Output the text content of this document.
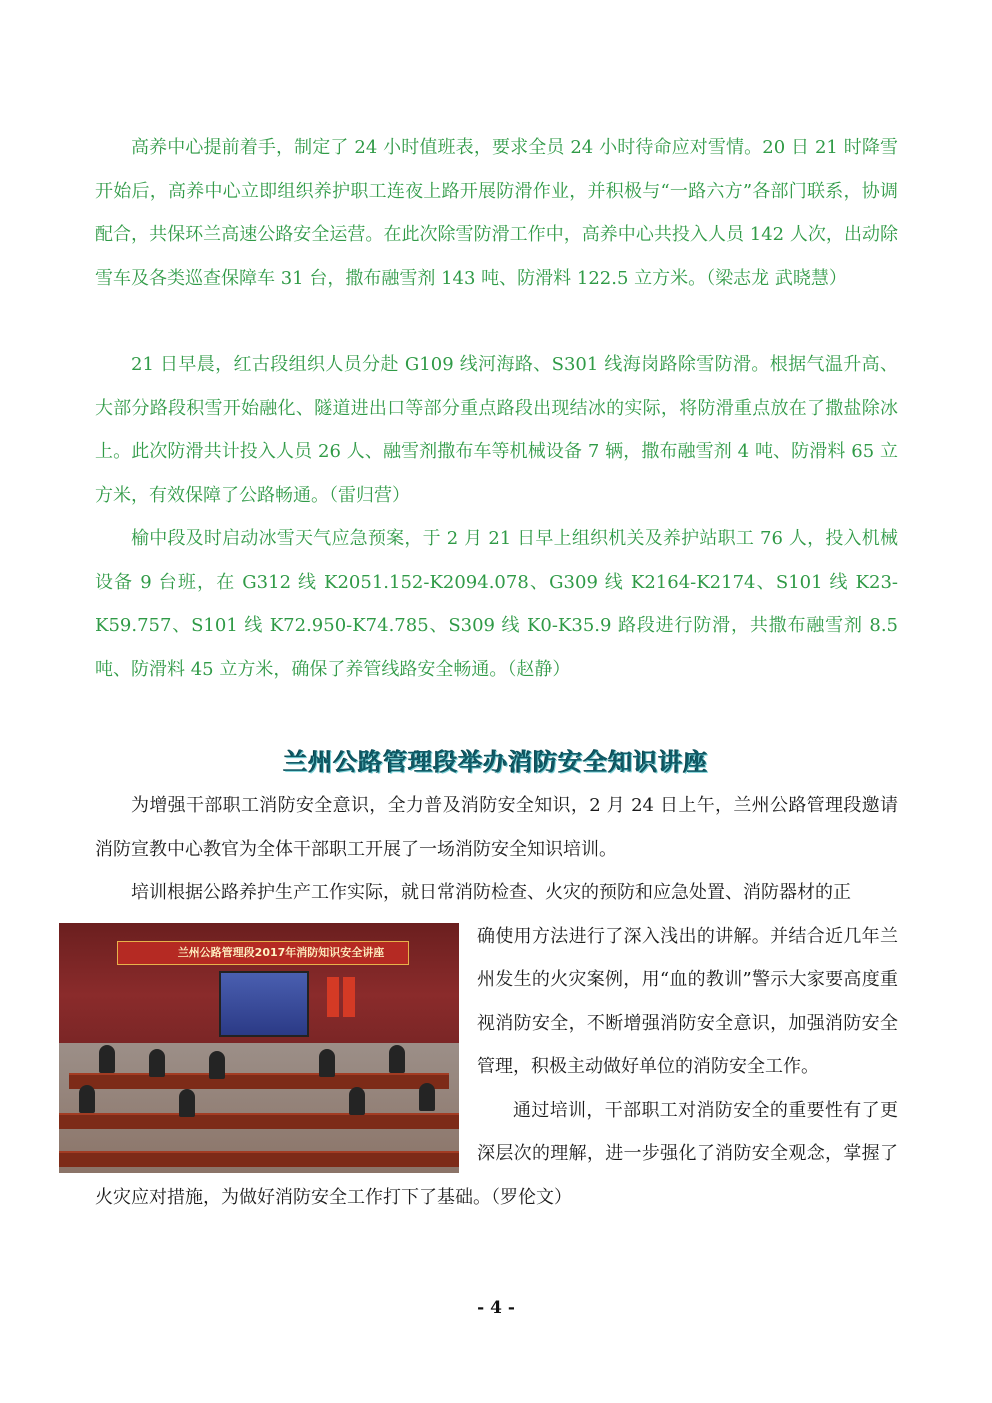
高养中心提前着手，制定了 24 小时值班表，要求全员 24 小时待命应对雪情。20 日 21 时降雪开始后，高养中心立即组织养护职工连夜上路开展防滑作业，并积极与“一路六方”各部门联系，协调配合，共保环兰高速公路安全运营。在此次除雪防滑工作中，高养中心共投入人员 142 人次，出动除雪车及各类巡查保障车 31 台，撒布融雪剂 143 吨、防滑料 122.5 立方米。（梁志龙 武晓慧）

21 日早晨，红古段组织人员分赴 G109 线河海路、S301 线海岗路除雪防滑。根据气温升高、大部分路段积雪开始融化、隧道进出口等部分重点路段出现结冰的实际，将防滑重点放在了撒盐除冰上。此次防滑共计投入人员 26 人、融雪剂撒布车等机械设备 7 辆，撒布融雪剂 4 吨、防滑料 65 立方米，有效保障了公路畅通。（雷归营）

榆中段及时启动冰雪天气应急预案，于 2 月 21 日早上组织机关及养护站职工 76 人，投入机械设备 9 台班，在 G312 线 K2051.152-K2094.078、G309 线 K2164-K2174、S101 线 K23-K59.757、S101 线 K72.950-K74.785、S309 线 K0-K35.9 路段进行防滑，共撒布融雪剂 8.5 吨、防滑料 45 立方米，确保了养管线路安全畅通。（赵静）

兰州公路管理段举办消防安全知识讲座

为增强干部职工消防安全意识，全力普及消防安全知识，2 月 24 日上午，兰州公路管理段邀请消防宣教中心教官为全体干部职工开展了一场消防安全知识培训。

培训根据公路养护生产工作实际，就日常消防检查、火灾的预防和应急处置、消防器材的正
兰州公路管理段2017年消防知识安全讲座
确使用方法进行了深入浅出的讲解。并结合近几年兰州发生的火灾案例，用“血的教训”警示大家要高度重视消防安全，不断增强消防安全意识，加强消防安全管理，积极主动做好单位的消防安全工作。
通过培训，干部职工对消防安全的重要性有了更深层次的理解，进一步强化了消防安全观念，掌握了火灾应对措施，为做好消防安全工作打下了基础。（罗伦文）

- 4 -
